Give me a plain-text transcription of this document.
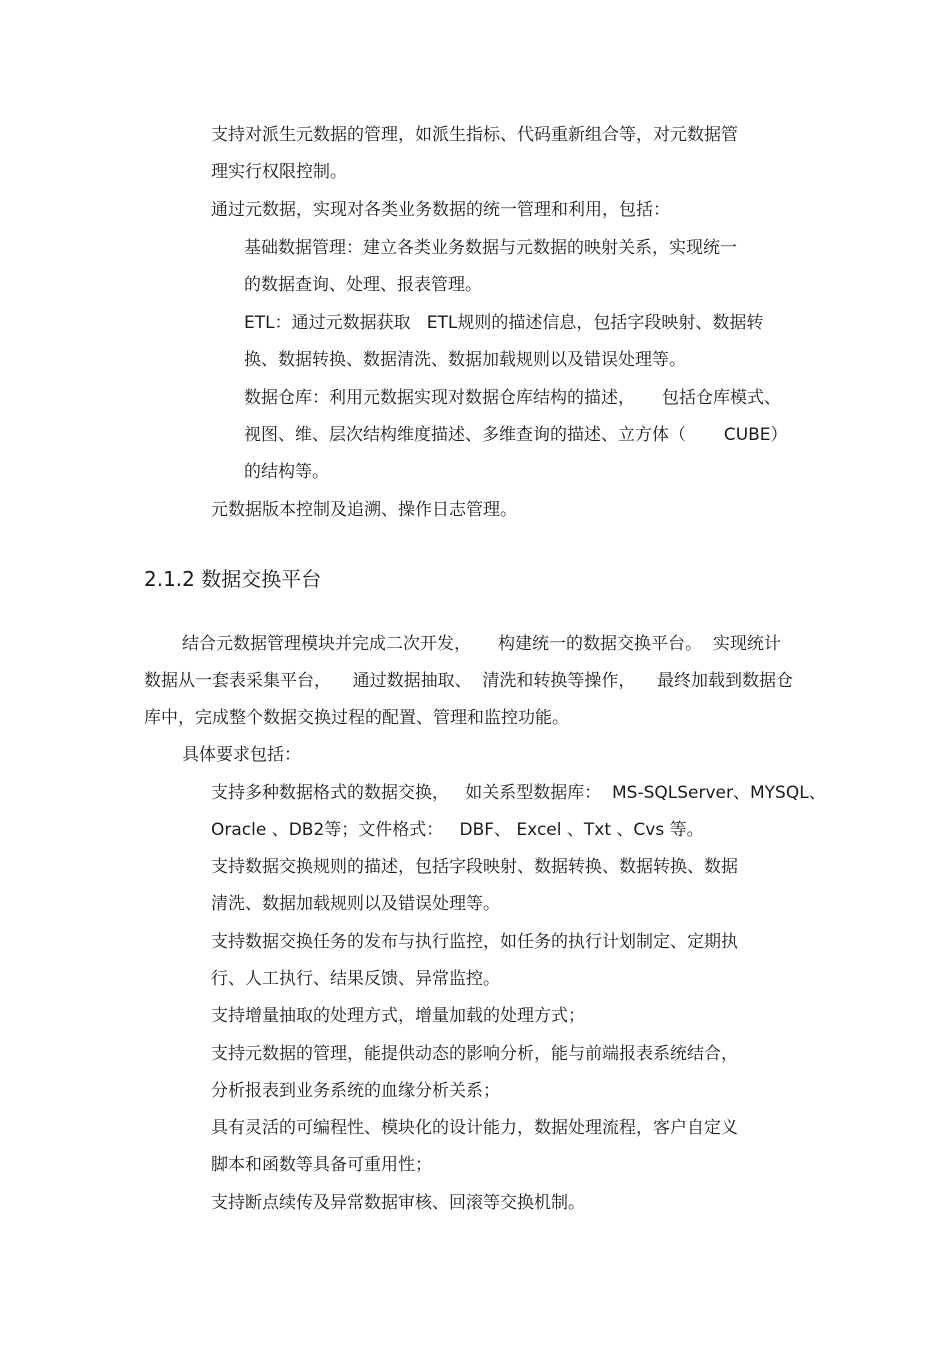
支持对派生元数据的管理，如派生指标、代码重新组合等，对元数据管

理实行权限控制。

通过元数据，实现对各类业务数据的统一管理和利用，包括：

基础数据管理：建立各类业务数据与元数据的映射关系，实现统一

的数据查询、处理、报表管理。

ETL：通过元数据获取   ETL规则的描述信息，包括字段映射、数据转

换、数据转换、数据清洗、数据加载规则以及错误处理等。

数据仓库：利用元数据实现对数据仓库结构的描述，     包括仓库模式、

视图、维、层次结构维度描述、多维查询的描述、立方体（       CUBE）

的结构等。

元数据版本控制及追溯、操作日志管理。

2.1.2 数据交换平台

结合元数据管理模块并完成二次开发，     构建统一的数据交换平台。  实现统计

数据从一套表采集平台，    通过数据抽取、  清洗和转换等操作，    最终加载到数据仓

库中，完成整个数据交换过程的配置、管理和监控功能。

具体要求包括：

支持多种数据格式的数据交换，   如关系型数据库：  MS-SQLServer、MYSQL、

Oracle 、DB2等；文件格式：   DBF、 Excel 、Txt 、Cvs 等。

支持数据交换规则的描述，包括字段映射、数据转换、数据转换、数据

清洗、数据加载规则以及错误处理等。

支持数据交换任务的发布与执行监控，如任务的执行计划制定、定期执

行、人工执行、结果反馈、异常监控。

支持增量抽取的处理方式，增量加载的处理方式；

支持元数据的管理，能提供动态的影响分析，能与前端报表系统结合，

分析报表到业务系统的血缘分析关系；

具有灵活的可编程性、模块化的设计能力，数据处理流程，客户自定义

脚本和函数等具备可重用性；

支持断点续传及异常数据审核、回滚等交换机制。
